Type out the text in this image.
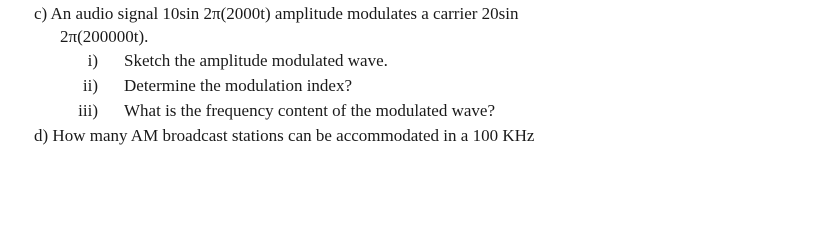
c) An audio signal 10sin 2π(2000t) amplitude modulates a carrier 20sin
2π(200000t).
i) Sketch the amplitude modulated wave.
ii) Determine the modulation index?
iii) What is the frequency content of the modulated wave?
d) How many AM broadcast stations can be accommodated in a 100 KHz
